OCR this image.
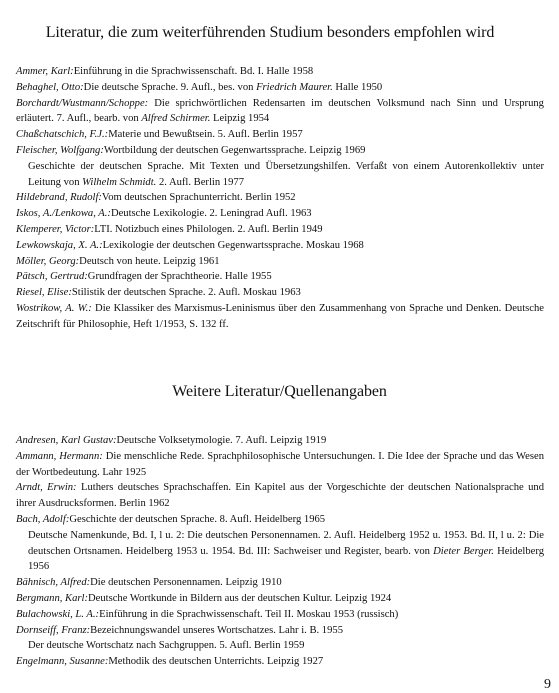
Literatur, die zum weiterführenden Studium besonders empfohlen wird
Ammer, Karl:Einführung in die Sprachwissenschaft. Bd. I. Halle 1958
Behaghel, Otto:Die deutsche Sprache. 9. Aufl., bes. von Friedrich Maurer. Halle 1950
Borchardt/Wustmann/Schoppe: Die sprichwörtlichen Redensarten im deutschen Volksmund nach Sinn und Ursprung erläutert. 7. Aufl., bearb. von Alfred Schirmer. Leipzig 1954
Chaßchatschich, F.J.:Materie und Bewußtsein. 5. Aufl. Berlin 1957
Fleischer, Wolfgang:Wortbildung der deutschen Gegenwartssprache. Leipzig 1969
Geschichte der deutschen Sprache. Mit Texten und Übersetzungshilfen. Verfaßt von einem Autorenkollektiv unter Leitung von Wilhelm Schmidt. 2. Aufl. Berlin 1977
Hildebrand, Rudolf:Vom deutschen Sprachunterricht. Berlin 1952
Iskos, A./Lenkowa, A.:Deutsche Lexikologie. 2. Leningrad Aufl. 1963
Klemperer, Victor:LTI. Notizbuch eines Philologen. 2. Aufl. Berlin 1949
Lewkowskaja, X. A.:Lexikologie der deutschen Gegenwartssprache. Moskau 1968
Möller, Georg:Deutsch von heute. Leipzig 1961
Pätsch, Gertrud:Grundfragen der Sprachtheorie. Halle 1955
Riesel, Elise:Stilistik der deutschen Sprache. 2. Aufl. Moskau 1963
Wostrikow, A. W.: Die Klassiker des Marxismus-Leninismus über den Zusammenhang von Sprache und Denken. Deutsche Zeitschrift für Philosophie, Heft 1/1953, S. 132 ff.
Weitere Literatur/Quellenangaben
Andresen, Karl Gustav:Deutsche Volksetymologie. 7. Aufl. Leipzig 1919
Ammann, Hermann: Die menschliche Rede. Sprachphilosophische Untersuchungen. I. Die Idee der Sprache und das Wesen der Wortbedeutung. Lahr 1925
Arndt, Erwin: Luthers deutsches Sprachschaffen. Ein Kapitel aus der Vorgeschichte der deutschen Nationalsprache und ihrer Ausdrucksformen. Berlin 1962
Bach, Adolf:Geschichte der deutschen Sprache. 8. Aufl. Heidelberg 1965
Deutsche Namenkunde, Bd. I, l u. 2: Die deutschen Personennamen. 2. Aufl. Heidelberg 1952 u. 1953. Bd. II, l u. 2: Die deutschen Ortsnamen. Heidelberg 1953 u. 1954. Bd. III: Sachweiser und Register, bearb. von Dieter Berger. Heidelberg 1956
Bähnisch, Alfred:Die deutschen Personennamen. Leipzig 1910
Bergmann, Karl:Deutsche Wortkunde in Bildern aus der deutschen Kultur. Leipzig 1924
Bulachowski, L. A.:Einführung in die Sprachwissenschaft. Teil II. Moskau 1953 (russisch)
Dornseiff, Franz:Bezeichnungswandel unseres Wortschatzes. Lahr i. B. 1955
Der deutsche Wortschatz nach Sachgruppen. 5. Aufl. Berlin 1959
Engelmann, Susanne:Methodik des deutschen Unterrichts. Leipzig 1927
9
